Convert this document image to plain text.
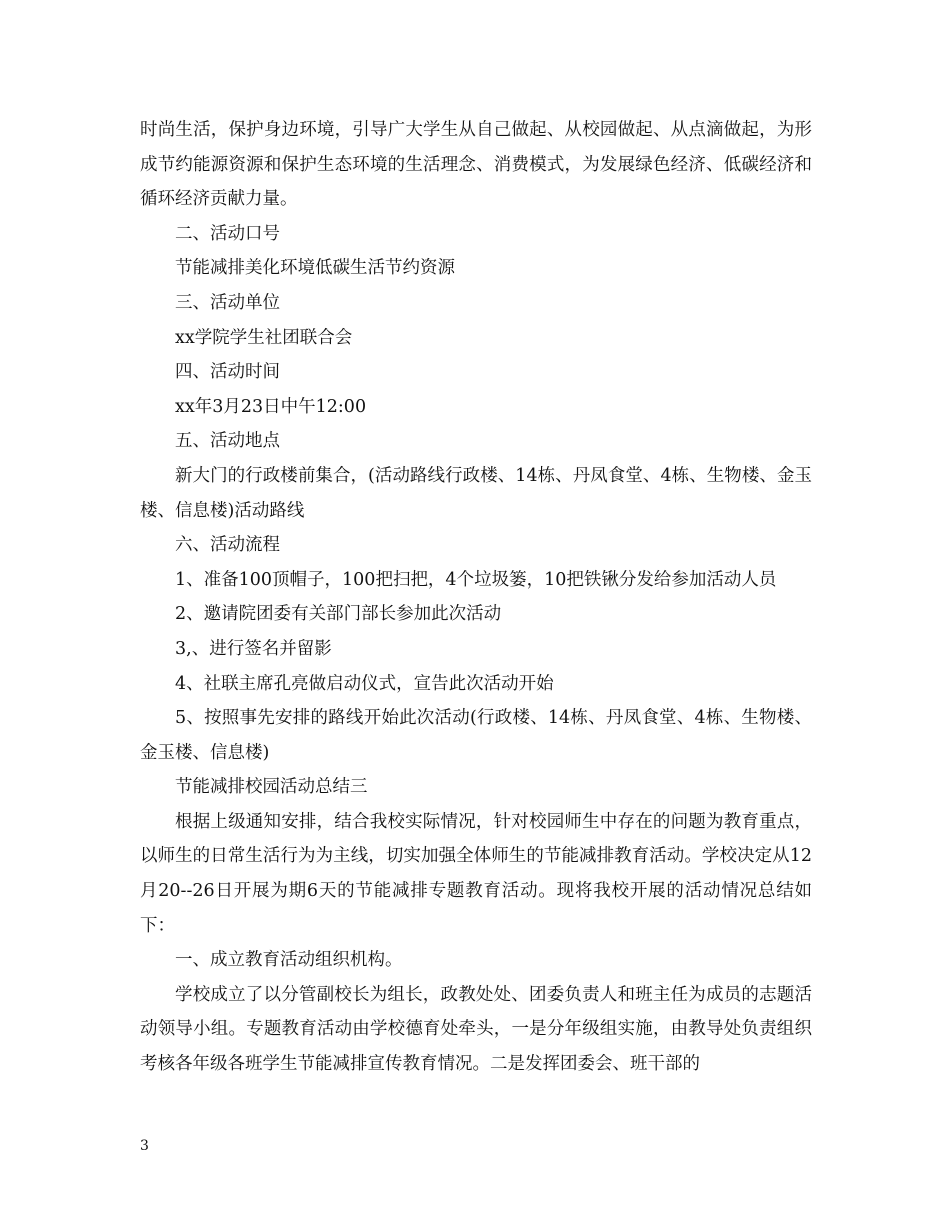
时尚生活，保护身边环境，引导广大学生从自己做起、从校园做起、从点滴做起，为形成节约能源资源和保护生态环境的生活理念、消费模式，为发展绿色经济、低碳经济和循环经济贡献力量。

二、活动口号

节能减排美化环境低碳生活节约资源

三、活动单位

xx学院学生社团联合会

四、活动时间

xx年3月23日中午12:00

五、活动地点

新大门的行政楼前集合，(活动路线行政楼、14栋、丹凤食堂、4栋、生物楼、金玉楼、信息楼)活动路线

六、活动流程

1、准备100顶帽子，100把扫把，4个垃圾篓，10把铁锹分发给参加活动人员

2、邀请院团委有关部门部长参加此次活动

3,、进行签名并留影

4、社联主席孔亮做启动仪式，宣告此次活动开始

5、按照事先安排的路线开始此次活动(行政楼、14栋、丹凤食堂、4栋、生物楼、金玉楼、信息楼)

节能减排校园活动总结三

根据上级通知安排，结合我校实际情况，针对校园师生中存在的问题为教育重点，以师生的日常生活行为为主线，切实加强全体师生的节能减排教育活动。学校决定从12月20--26日开展为期6天的节能减排专题教育活动。现将我校开展的活动情况总结如下：

一、成立教育活动组织机构。

学校成立了以分管副校长为组长，政教处处、团委负责人和班主任为成员的志题活动领导小组。专题教育活动由学校德育处牵头，一是分年级组实施，由教导处负责组织考核各年级各班学生节能减排宣传教育情况。二是发挥团委会、班干部的

3
